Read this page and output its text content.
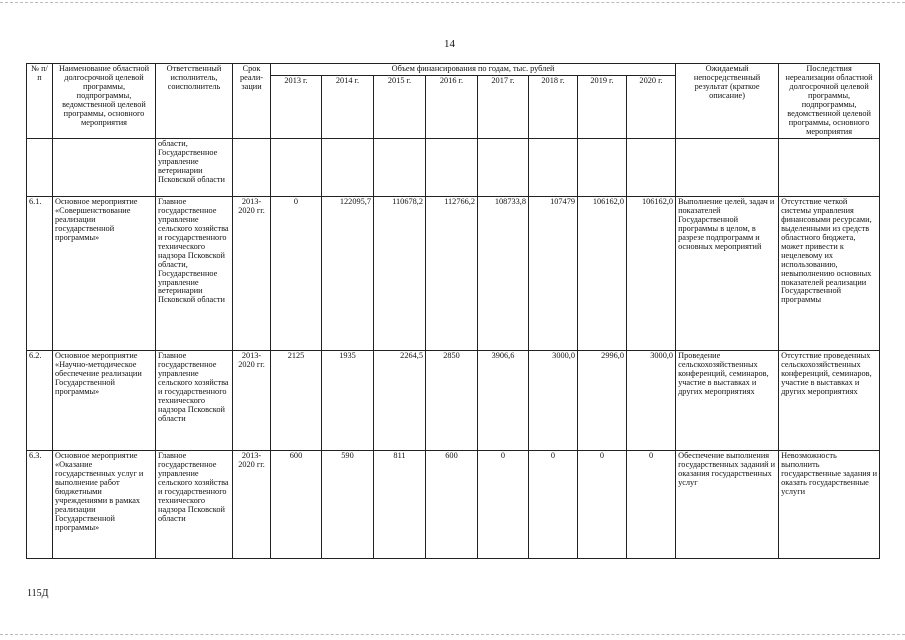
14
№ п/п	Наименование областной долгосрочной целевой программы, подпрограммы, ведомственной целевой программы, основного мероприятия	Ответственный исполнитель, соисполнитель	Срок реали- зации	Объем финансирования по годам, тыс. рублей								Ожидаемый непосредственный результат (краткое описание)	Последствия нереализации областной долгосрочной целевой программы, подпрограммы, ведомственной целевой программы, основного мероприятия
				2013 г.	2014 г.	2015 г.	2016 г.	2017 г.	2018 г.	2019 г.	2020 г.		
		области, Государственное управление ветеринарии Псковской области											
6.1.	Основное мероприятие «Совершенствование реализации государственной программы»	Главное государственное управление сельского хозяйства и государственного технического надзора Псковской области, Государственное управление ветеринарии Псковской области	2013- 2020 гг.	0	122095,7	110678,2	112766,2	108733,8	107479	106162,0	106162,0	Выполнение целей, задач и показателей Государственной программы в целом, в разрезе подпрограмм и основных мероприятий	Отсутствие четкой системы управления финансовыми ресурсами, выделенными из средств областного бюджета, может привести к нецелевому их использованию, невыполнению основных показателей реализации Государственной программы
6.2.	Основное мероприятие «Научно-методическое обеспечение реализации Государственной программы»	Главное государственное управление сельского хозяйства и государственного технического надзора Псковской области	2013- 2020 гг.	2125	1935	2264,5	2850	3906,6	3000,0	2996,0	3000,0	Проведение сельскохозяйственных конференций, семинаров, участие в выставках и других мероприятиях	Отсутствие проведенных сельскохозяйственных конференций, семинаров, участие в выставках и других мероприятиях
6.3.	Основное мероприятие «Оказание государственных услуг и выполнение работ бюджетными учреждениями в рамках реализации Государственной программы»	Главное государственное управление сельского хозяйства и государственного технического надзора Псковской области	2013- 2020 гг.	600	590	811	600	0	0	0	0	Обеспечение выполнения государственных заданий и оказания государственных услуг	Невозможность выполнить государственные задания и оказать государственные услуги
115Д
